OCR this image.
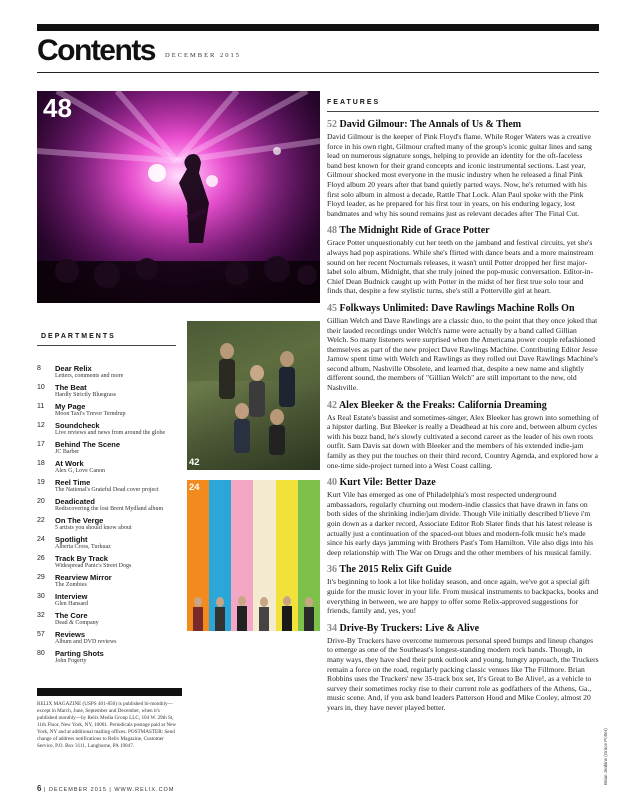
Contents DECEMBER 2015
48
DEPARTMENTS
8	Dear Relix
Letters, comments and more
10	The Beat
Hardly Strictly Bluegrass
11	My Page
Moon Taxi's Trevor Terndrup
12	Soundcheck
Live reviews and news from around the globe
17	Behind The Scene
JC Barber
18	At Work
Alex G, Love Canon
19	Reel Time
The National's Grateful Dead cover project
20	Deadicated
Rediscovering the lost Brent Mydland album
22	On The Verge
5 artists you should know about
24	Spotlight
Alberta Cross, Turkuaz
26	Track By Track
Widespread Panic's Street Dogs
29	Rearview Mirror
The Zombies
30	Interview
Glen Hansard
32	The Core
Dead & Company
57	Reviews
Album and DVD reviews
80	Parting Shots
John Fogerty
RELIX MAGAZINE (USPS 401-850) is published bi-monthly—except in March, June, September and December, when it's published monthly—by Relix Media Group LLC, 104 W. 29th St, 11th Floor, New York, NY, 10001. Periodicals postage paid at New York, NY and at additional mailing offices. POSTMASTER: Send change of address notifications to Relix Magazine, Customer Service, P.O. Box 3111, Langhorne, PA 19047.
42
24
FEATURES
52 David Gilmour: The Annals of Us & Them
David Gilmour is the keeper of Pink Floyd's flame. While Roger Waters was a creative force in his own right, Gilmour crafted many of the group's iconic guitar lines and sang lead on numerous signature songs, helping to provide an identity for the oft-faceless band best known for their grand concepts and iconic instrumental sections. Last year, Gilmour shocked most everyone in the music industry when he released a final Pink Floyd album 20 years after that band quietly parted ways. Now, he's returned with his first solo album in almost a decade, Rattle That Lock. Alan Paul spoke with the Pink Floyd leader, as he prepared for his first tour in years, on his enduring legacy, lost bandmates and why his sound remains just as relevant decades after The Final Cut.
48 The Midnight Ride of Grace Potter
Grace Potter unquestionably cut her teeth on the jamband and festival circuits, yet she's always had pop aspirations. While she's flirted with dance beats and a more mainstream sound on her recent Nocturnals releases, it wasn't until Potter dropped her first major-label solo album, Midnight, that she truly joined the pop-music conversation. Editor-in-Chief Dean Budnick caught up with Potter in the midst of her first true solo tour and finds that, despite a few stylistic turns, she's still a Potterville girl at heart.
45 Folkways Unlimited: Dave Rawlings Machine Rolls On
Gillian Welch and Dave Rawlings are a classic duo, to the point that they once joked that their lauded recordings under Welch's name were actually by a band called Gillian Welch. So many listeners were surprised when the Americana power couple refashioned themselves as part of the new project Dave Rawlings Machine. Contributing Editor Jesse Jarnow spent time with Welch and Rawlings as they rolled out Dave Rawlings Machine's second album, Nashville Obsolete, and learned that, despite a new name and slightly different sound, the members of "Gillian Welch" are still important to the new, old Nashville.
42 Alex Bleeker & the Freaks: California Dreaming
As Real Estate's bassist and sometimes-singer, Alex Bleeker has grown into something of a hipster darling. But Bleeker is really a Deadhead at his core and, between album cycles with his buzz band, he's slowly cultivated a second career as the leader of his own roots outfit. Sam Davis sat down with Bleeker and the members of his extended indie-jam family as they put the touches on their third record, Country Agenda, and explored how a one-time side-project turned into a West Coast calling.
40 Kurt Vile: Better Daze
Kurt Vile has emerged as one of Philadelphia's most respected underground ambassadors, regularly churning out modern-indie classics that have drawn in fans on both sides of the shrinking indie/jam divide. Though Vile initially described b'lieve i'm goin down as a darker record, Associate Editor Rob Slater finds that his latest release is actually just a continuation of the spaced-out blues and modern-folk music he's made since his early days jamming with Brothers Past's Tom Hamilton. Vile also digs into his deep relationship with The War on Drugs and the other members of his musical family.
36 The 2015 Relix Gift Guide
It's beginning to look a lot like holiday season, and once again, we've got a special gift guide for the music lover in your life. From musical instruments to backpacks, books and everything in between, we are happy to offer some Relix-approved suggestions for friends, family and, yes, you!
34 Drive-By Truckers: Live & Alive
Drive-By Truckers have overcome numerous personal speed bumps and lineup changes to emerge as one of the Southeast's longest-standing modern rock bands. Though, in many ways, they have shed their punk outlook and young, hungry approach, the Truckers remain a force on the road, regularly packing classic venues like The Fillmore. Brian Robbins uses the Truckers' new 35-track box set, It's Great to Be Alive!, as a vehicle to survey their sometimes rocky rise to their current role as godfathers of the Athens, Ga., music scene. And, if you ask band leaders Patterson Hood and Mike Cooley, almost 20 years in, they have never played better.
Brian Jenkins (Grace Potter)
6 | DECEMBER 2015 | WWW.RELIX.COM
